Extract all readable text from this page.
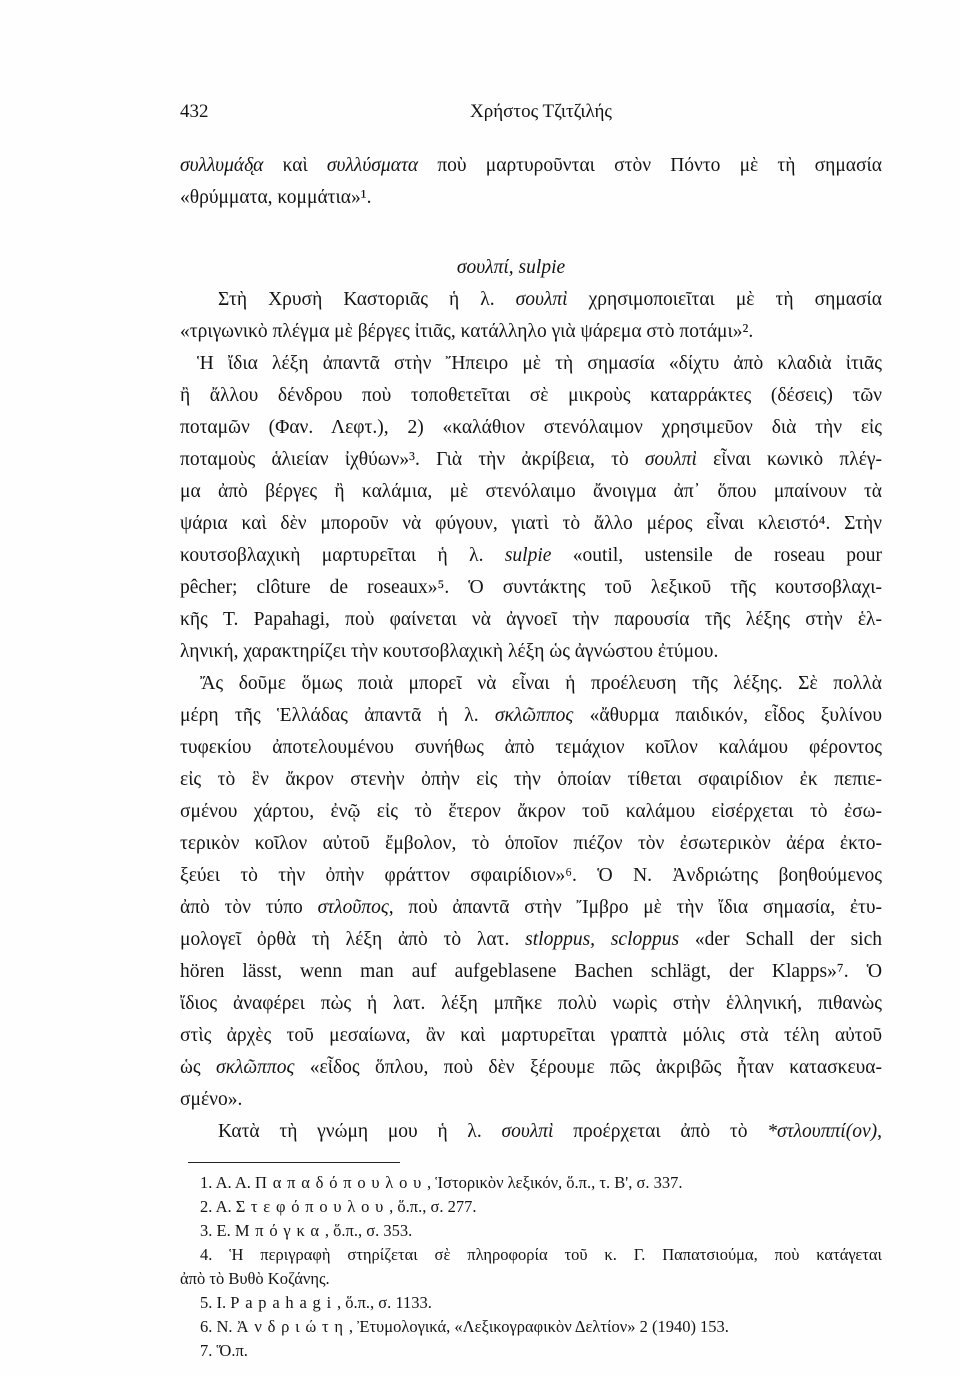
432	Χρήστος Τζιτζιλής
συλλυμάδ̨α καὶ συλλύσματα ποὺ μαρτυροῦνται στὸν Πόντο μὲ τὴ σημασία
«θρύμματα, κομμάτια»¹.
σουλπί, sulpie
Στὴ Χρυσὴ Καστοριᾶς ἡ λ. σουλπὶ χρησιμοποιεῖται μὲ τὴ σημασία
«τριγωνικὸ πλέγμα μὲ βέργες ἰτιᾶς, κατάλληλο γιὰ ψάρεμα στὸ ποτάμι»².
Ἡ ἴδια λέξη ἀπαντᾶ στὴν Ἤπειρο μὲ τὴ σημασία «δίχτυ ἀπὸ κλαδιὰ ἰτιᾶς
ἢ ἄλλου δένδρου ποὺ τοποθετεῖται σὲ μικροὺς καταρράκτες (δέσεις) τῶν
ποταμῶν (Φαν. Λεφτ.), 2) «καλάθιον στενόλαιμον χρησιμεῦον διὰ τὴν εἰς
ποταμοὺς ἁλιείαν ἰχθύων»³. Γιὰ τὴν ἀκρίβεια, τὸ σουλπὶ εἶναι κωνικὸ πλέγ-
μα ἀπὸ βέργες ἢ καλάμια, μὲ στενόλαιμο ἄνοιγμα ἀπ᾽ ὅπου μπαίνουν τὰ
ψάρια καὶ δὲν μποροῦν νὰ φύγουν, γιατὶ τὸ ἄλλο μέρος εἶναι κλειστό⁴. Στὴν
κουτσοβλαχικὴ μαρτυρεῖται ἡ λ. sulpie «outil, ustensile de roseau pour
pêcher; clôture de roseaux»⁵. Ὁ συντάκτης τοῦ λεξικοῦ τῆς κουτσοβλαχι-
κῆς T. Papahagi, ποὺ φαίνεται νὰ ἀγνοεῖ τὴν παρουσία τῆς λέξης στὴν ἑλ-
ληνική, χαρακτηρίζει τὴν κουτσοβλαχικὴ λέξη ὡς ἀγνώστου ἐτύμου.
Ἄς δοῦμε ὅμως ποιὰ μπορεῖ νὰ εἶναι ἡ προέλευση τῆς λέξης. Σὲ πολλὰ
μέρη τῆς Ἑλλάδας ἀπαντᾶ ἡ λ. σκλῶππος «ἄθυρμα παιδικόν, εἶδος ξυλίνου
τυφεκίου ἀποτελουμένου συνήθως ἀπὸ τεμάχιον κοῖλον καλάμου φέροντος
εἰς τὸ ἓν ἄκρον στενὴν ὀπὴν εἰς τὴν ὁποίαν τίθεται σφαιρίδιον ἐκ πεπιε-
σμένου χάρτου, ἐνῷ εἰς τὸ ἕτερον ἄκρον τοῦ καλάμου εἰσέρχεται τὸ ἐσω-
τερικὸν κοῖλον αὐτοῦ ἔμβολον, τὸ ὁποῖον πιέζον τὸν ἐσωτερικὸν ἀέρα ἐκτο-
ξεύει τὸ τὴν ὀπὴν φράττον σφαιρίδιον»⁶. Ὁ Ν. Ἀνδριώτης βοηθούμενος
ἀπὸ τὸν τύπο στλοῦπος, ποὺ ἀπαντᾶ στὴν Ἴμβρο μὲ τὴν ἴδια σημασία, ἐτυ-
μολογεῖ ὀρθὰ τὴ λέξη ἀπὸ τὸ λατ. stloppus, scloppus «der Schall der sich
hören lässt, wenn man auf aufgeblasene Bachen schlägt, der Klapps»⁷. Ὁ
ἴδιος ἀναφέρει πὼς ἡ λατ. λέξη μπῆκε πολὺ νωρὶς στὴν ἑλληνική, πιθανὼς
στὶς ἀρχὲς τοῦ μεσαίωνα, ἂν καὶ μαρτυρεῖται γραπτὰ μόλις στὰ τέλη αὐτοῦ
ὡς σκλῶππος «εἶδος ὅπλου, ποὺ δὲν ξέρουμε πῶς ἀκριβῶς ἦταν κατασκευα-
σμένο».
Κατὰ τὴ γνώμη μου ἡ λ. σουλπὶ προέρχεται ἀπὸ τὸ *στλουππί(ον),
1. Α. Α. Παπαδόπουλου, Ἱστορικὸν λεξικόν, ὅ.π., τ. Β', σ. 337.
2. Α. Στεφόπουλου, ὅ.π., σ. 277.
3. Ε. Μπόγκα, ὅ.π., σ. 353.
4. Ἡ περιγραφὴ στηρίζεται σὲ πληροφορία τοῦ κ. Γ. Παπατσιούμα, ποὺ κατάγεται
ἀπὸ τὸ Βυθὸ Κοζάνης.
5. I. Papahagi, ὅ.π., σ. 1133.
6. Ν. Ἀνδριώτη, Ἐτυμολογικά, «Λεξικογραφικὸν Δελτίον» 2 (1940) 153.
7. Ὅ.π.
